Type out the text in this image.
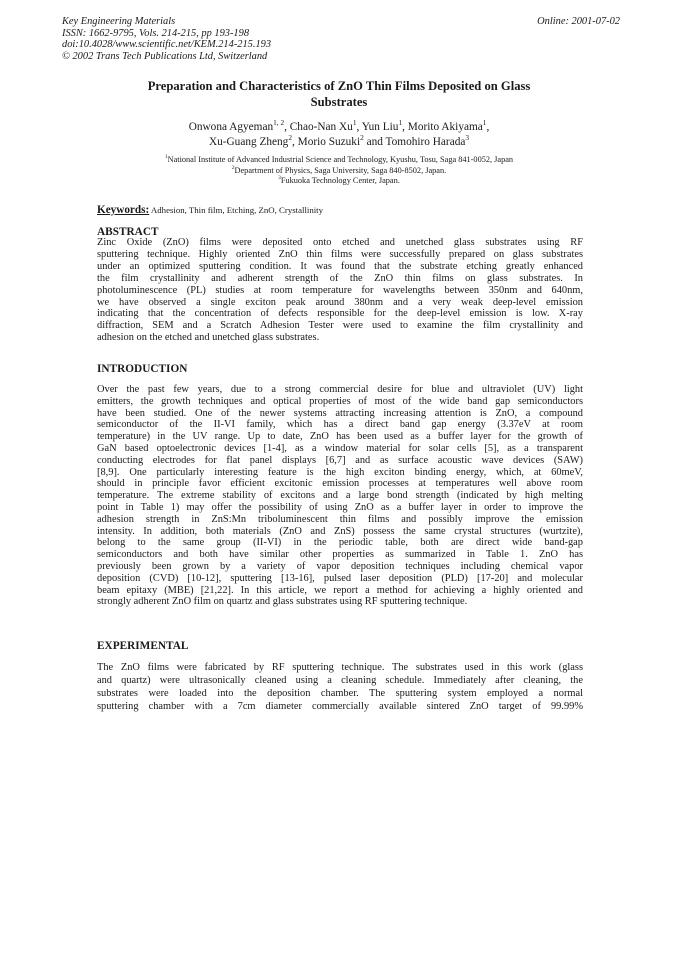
Key Engineering Materials
ISSN: 1662-9795, Vols. 214-215, pp 193-198
doi:10.4028/www.scientific.net/KEM.214-215.193
© 2002 Trans Tech Publications Ltd, Switzerland
Online: 2001-07-02
Preparation and Characteristics of ZnO Thin Films Deposited on Glass
Substrates
Onwona Agyeman$^{1, 2}$, Chao-Nan Xu$^1$, Yun Liu$^1$, Morito Akiyama$^1$,
Xu-Guang Zheng$^2$, Morio Suzuki$^2$ and Tomohiro Harada$^3$
$^1$National Institute of Advanced Industrial Science and Technology, Kyushu, Tosu, Saga 841-0052, Japan
$^2$Department of Physics, Saga University, Saga 840-8502, Japan.
$^3$Fukuoka Technology Center, Japan.
Keywords: Adhesion, Thin film, Etching, ZnO, Crystallinity
ABSTRACT
Zinc Oxide (ZnO) films were deposited onto etched and unetched glass substrates using RF
sputtering technique. Highly oriented ZnO thin films were successfully prepared on glass substrates
under an optimized sputtering condition. It was found that the substrate etching greatly enhanced
the film crystallinity and adherent strength of the ZnO thin films on glass substrates. In
photoluminescence (PL) studies at room temperature for wavelengths between 350nm and 640nm,
we have observed a single exciton peak around 380nm and a very weak deep-level emission
indicating that the concentration of defects responsible for the deep-level emission is low. X-ray
diffraction, SEM and a Scratch Adhesion Tester were used to examine the film crystallinity and
adhesion on the etched and unetched glass substrates.
INTRODUCTION
Over the past few years, due to a strong commercial desire for blue and ultraviolet (UV) light
emitters, the growth techniques and optical properties of most of the wide band gap semiconductors
have been studied. One of the newer systems attracting increasing attention is ZnO, a compound
semiconductor of the II-VI family, which has a direct band gap energy (3.37eV at room
temperature) in the UV range. Up to date, ZnO has been used as a buffer layer for the growth of
GaN based optoelectronic devices [1-4], as a window material for solar cells [5], as a transparent
conducting electrodes for flat panel displays [6,7] and as surface acoustic wave devices (SAW)
[8,9]. One particularly interesting feature is the high exciton binding energy, which, at 60meV,
should in principle favor efficient excitonic emission processes at temperatures well above room
temperature. The extreme stability of excitons and a large bond strength (indicated by high melting
point in Table 1) may offer the possibility of using ZnO as a buffer layer in order to improve the
adhesion strength in ZnS:Mn triboluminescent thin films and possibly improve the emission
intensity. In addition, both materials (ZnO and ZnS) possess the same crystal structures (wurtzite),
belong to the same group (II-VI) in the periodic table, both are direct wide band-gap
semiconductors and both have similar other properties as summarized in Table 1. ZnO has
previously been grown by a variety of vapor deposition techniques including chemical vapor
deposition (CVD) [10-12], sputtering [13-16], pulsed laser deposition (PLD) [17-20] and molecular
beam epitaxy (MBE) [21,22]. In this article, we report a method for achieving a highly oriented and
strongly adherent ZnO film on quartz and glass substrates using RF sputtering technique.
EXPERIMENTAL
The ZnO films were fabricated by RF sputtering technique. The substrates used in this work (glass
and quartz) were ultrasonically cleaned using a cleaning schedule. Immediately after cleaning, the
substrates were loaded into the deposition chamber. The sputtering system employed a normal
sputtering chamber with a 7cm diameter commercially available sintered ZnO target of 99.99%
